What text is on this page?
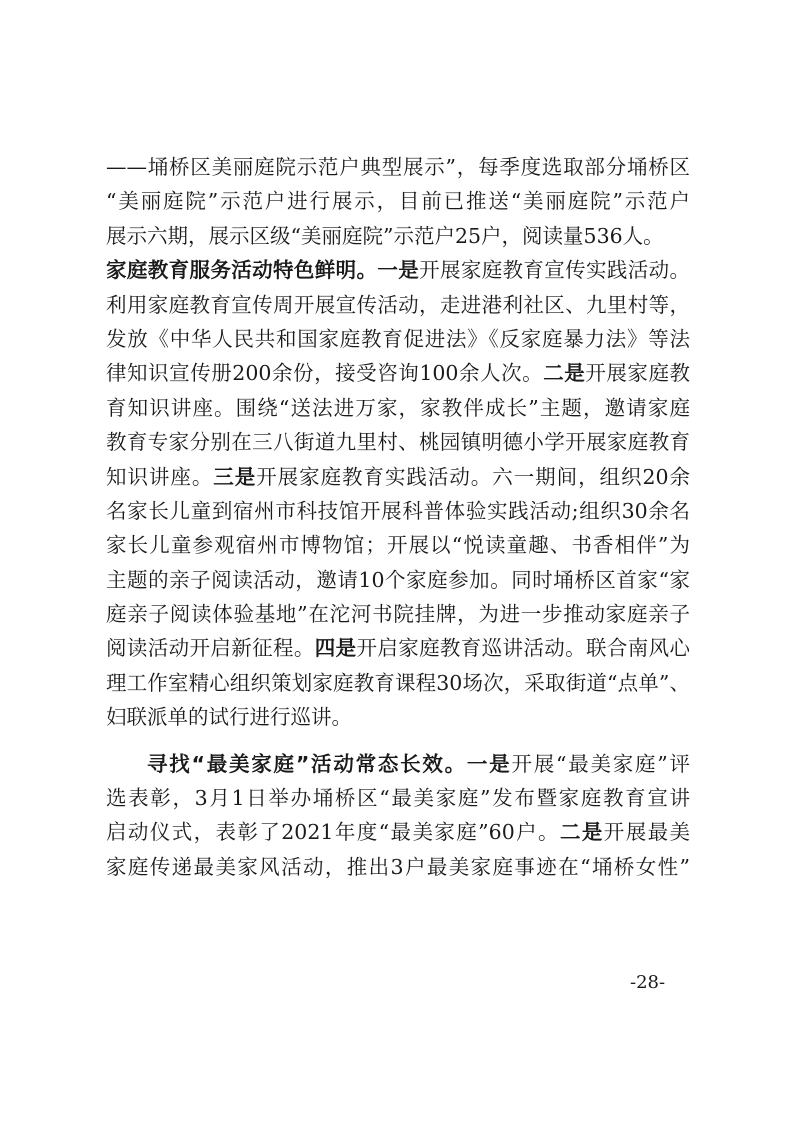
——埇桥区美丽庭院示范户典型展示”，每季度选取部分埇桥区
“美丽庭院”示范户进行展示，目前已推送“美丽庭院”示范户
展示六期，展示区级“美丽庭院”示范户25户，阅读量536人。
家庭教育服务活动特色鲜明。一是开展家庭教育宣传实践活动。
利用家庭教育宣传周开展宣传活动，走进港利社区、九里村等，
发放《中华人民共和国家庭教育促进法》《反家庭暴力法》等法
律知识宣传册200余份，接受咨询100余人次。二是开展家庭教
育知识讲座。围绕“送法进万家，家教伴成长”主题，邀请家庭
教育专家分别在三八街道九里村、桃园镇明德小学开展家庭教育
知识讲座。三是开展家庭教育实践活动。六一期间，组织20余
名家长儿童到宿州市科技馆开展科普体验实践活动;组织30余名
家长儿童参观宿州市博物馆；开展以“悦读童趣、书香相伴”为
主题的亲子阅读活动，邀请10个家庭参加。同时埇桥区首家“家
庭亲子阅读体验基地”在沱河书院挂牌，为进一步推动家庭亲子
阅读活动开启新征程。四是开启家庭教育巡讲活动。联合南风心
理工作室精心组织策划家庭教育课程30场次，采取街道“点单”、
妇联派单的试行进行巡讲。
寻找“最美家庭”活动常态长效。一是开展“最美家庭”评
选表彰，3月1日举办埇桥区“最美家庭”发布暨家庭教育宣讲
启动仪式，表彰了2021年度“最美家庭”60户。二是开展最美
家庭传递最美家风活动，推出3户最美家庭事迹在“埇桥女性”
-28-
